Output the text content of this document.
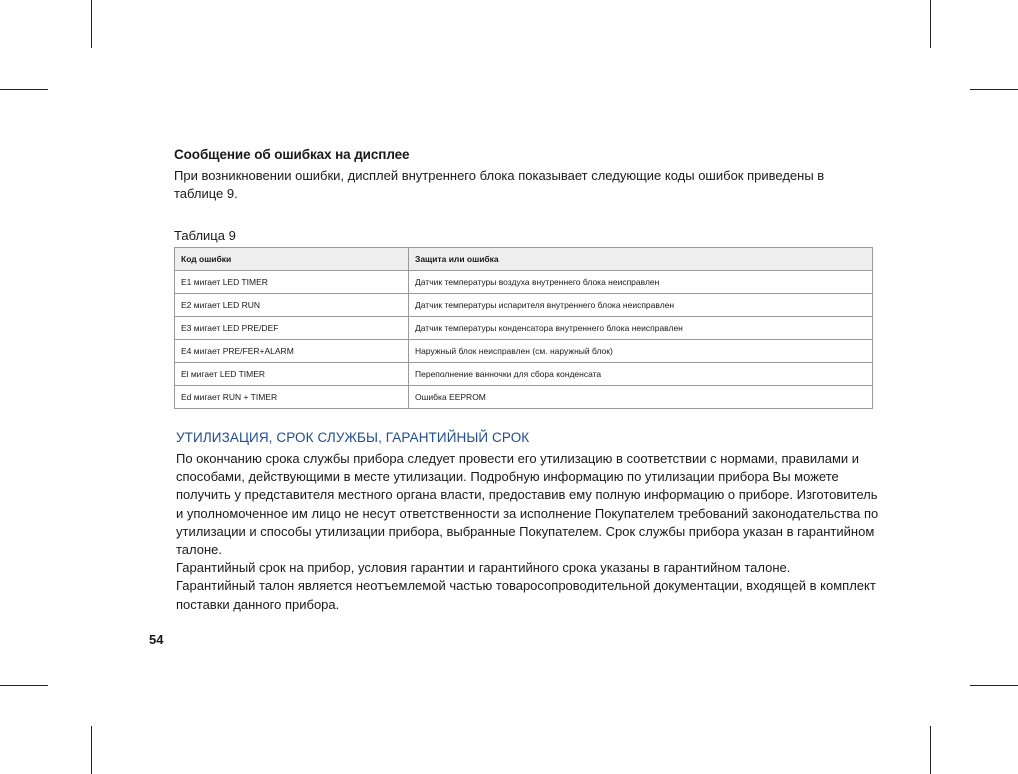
Сообщение об ошибках на дисплее
При возникновении ошибки, дисплей внутреннего блока показывает следующие коды ошибок приведены в таблице 9.
Таблица 9
Код ошибки	Защита или ошибка
E1 мигает LED TIMER	Датчик температуры воздуха внутреннего блока неисправлен
E2 мигает LED RUN	Датчик температуры испарителя внутреннего блока неисправлен
E3 мигает LED PRE/DEF	Датчик температуры конденсатора внутреннего блока неисправлен
E4 мигает PRE/FER+ALARM	Наружный блок неисправлен (см. наружный блок)
El мигает LED TIMER	Переполнение ванночки для сбора конденсата
Ed мигает RUN + TIMER	Ошибка EEPROM
УТИЛИЗАЦИЯ, СРОК СЛУЖБЫ, ГАРАНТИЙНЫЙ СРОК

По окончанию срока службы прибора следует провести его утилизацию в соответствии с нормами, правилами и способами, действующими в месте утилизации. Подробную информацию по утилизации прибора Вы можете получить у представителя местного органа власти, предоставив ему полную информацию о приборе. Изготовитель и уполномоченное им лицо не несут ответственности за исполнение Покупателем требований законодательства по утилизации и способы утилизации прибора, выбранные Покупателем. Срок службы прибора указан в гарантийном талоне.

Гарантийный срок на прибор, условия гарантии и гарантийного срока указаны в гарантийном талоне.

Гарантийный талон является неотъемлемой частью товаросопроводительной документации, входящей в комплект поставки данного прибора.

54
